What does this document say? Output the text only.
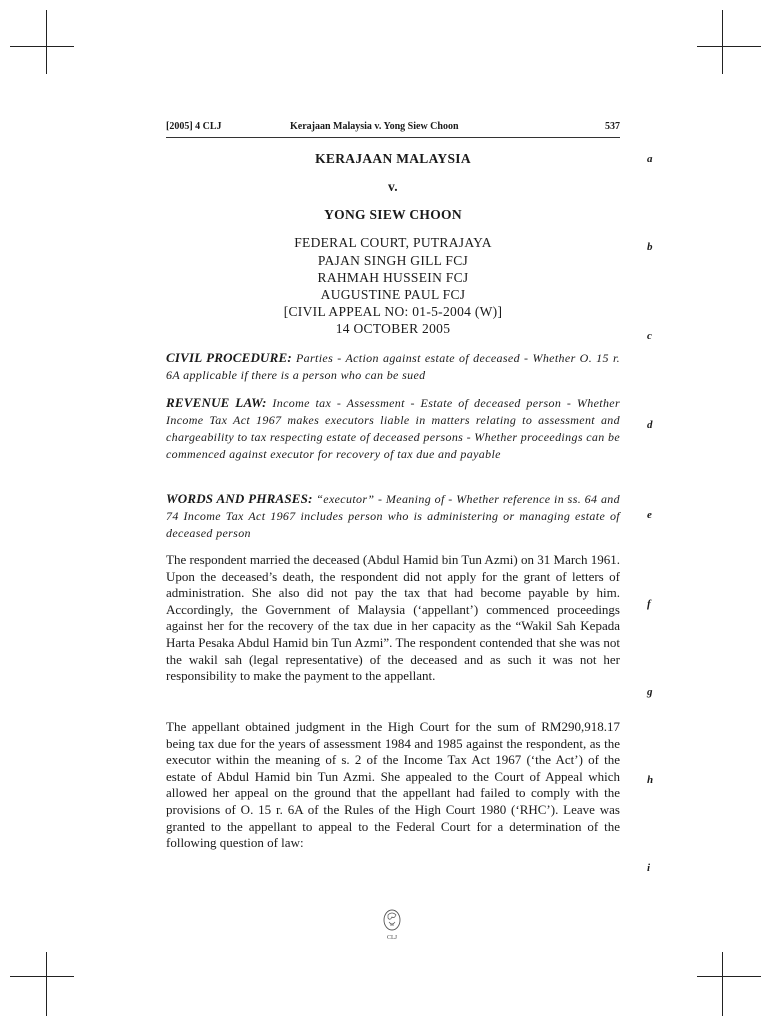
[2005] 4 CLJ	Kerajaan Malaysia v. Yong Siew Choon	537
a
b
c
d
e
f
g
h
i
KERAJAAN MALAYSIA
v.
YONG SIEW CHOON
FEDERAL COURT, PUTRAJAYA
PAJAN SINGH GILL FCJ
RAHMAH HUSSEIN FCJ
AUGUSTINE PAUL FCJ
[CIVIL APPEAL NO: 01-5-2004 (W)]
14 OCTOBER 2005
CIVIL PROCEDURE: Parties - Action against estate of deceased - Whether O. 15 r. 6A applicable if there is a person who can be sued
REVENUE LAW: Income tax - Assessment - Estate of deceased person - Whether Income Tax Act 1967 makes executors liable in matters relating to assessment and chargeability to tax respecting estate of deceased persons - Whether proceedings can be commenced against executor for recovery of tax due and payable
WORDS AND PHRASES: “executor” - Meaning of - Whether reference in ss. 64 and 74 Income Tax Act 1967 includes person who is administering or managing estate of deceased person
The respondent married the deceased (Abdul Hamid bin Tun Azmi) on 31 March 1961. Upon the deceased’s death, the respondent did not apply for the grant of letters of administration. She also did not pay the tax that had become payable by him. Accordingly, the Government of Malaysia (‘appellant’) commenced proceedings against her for the recovery of the tax due in her capacity as the “Wakil Sah Kepada Harta Pesaka Abdul Hamid bin Tun Azmi”. The respondent contended that she was not the wakil sah (legal representative) of the deceased and as such it was not her responsibility to make the payment to the appellant.
The appellant obtained judgment in the High Court for the sum of RM290,918.17 being tax due for the years of assessment 1984 and 1985 against the respondent, as the executor within the meaning of s. 2 of the Income Tax Act 1967 (‘the Act’) of the estate of Abdul Hamid bin Tun Azmi. She appealed to the Court of Appeal which allowed her appeal on the ground that the appellant had failed to comply with the provisions of O. 15 r. 6A of the Rules of the High Court 1980 (‘RHC’). Leave was granted to the appellant to appeal to the Federal Court for a determination of the following question of law:
CLJ
